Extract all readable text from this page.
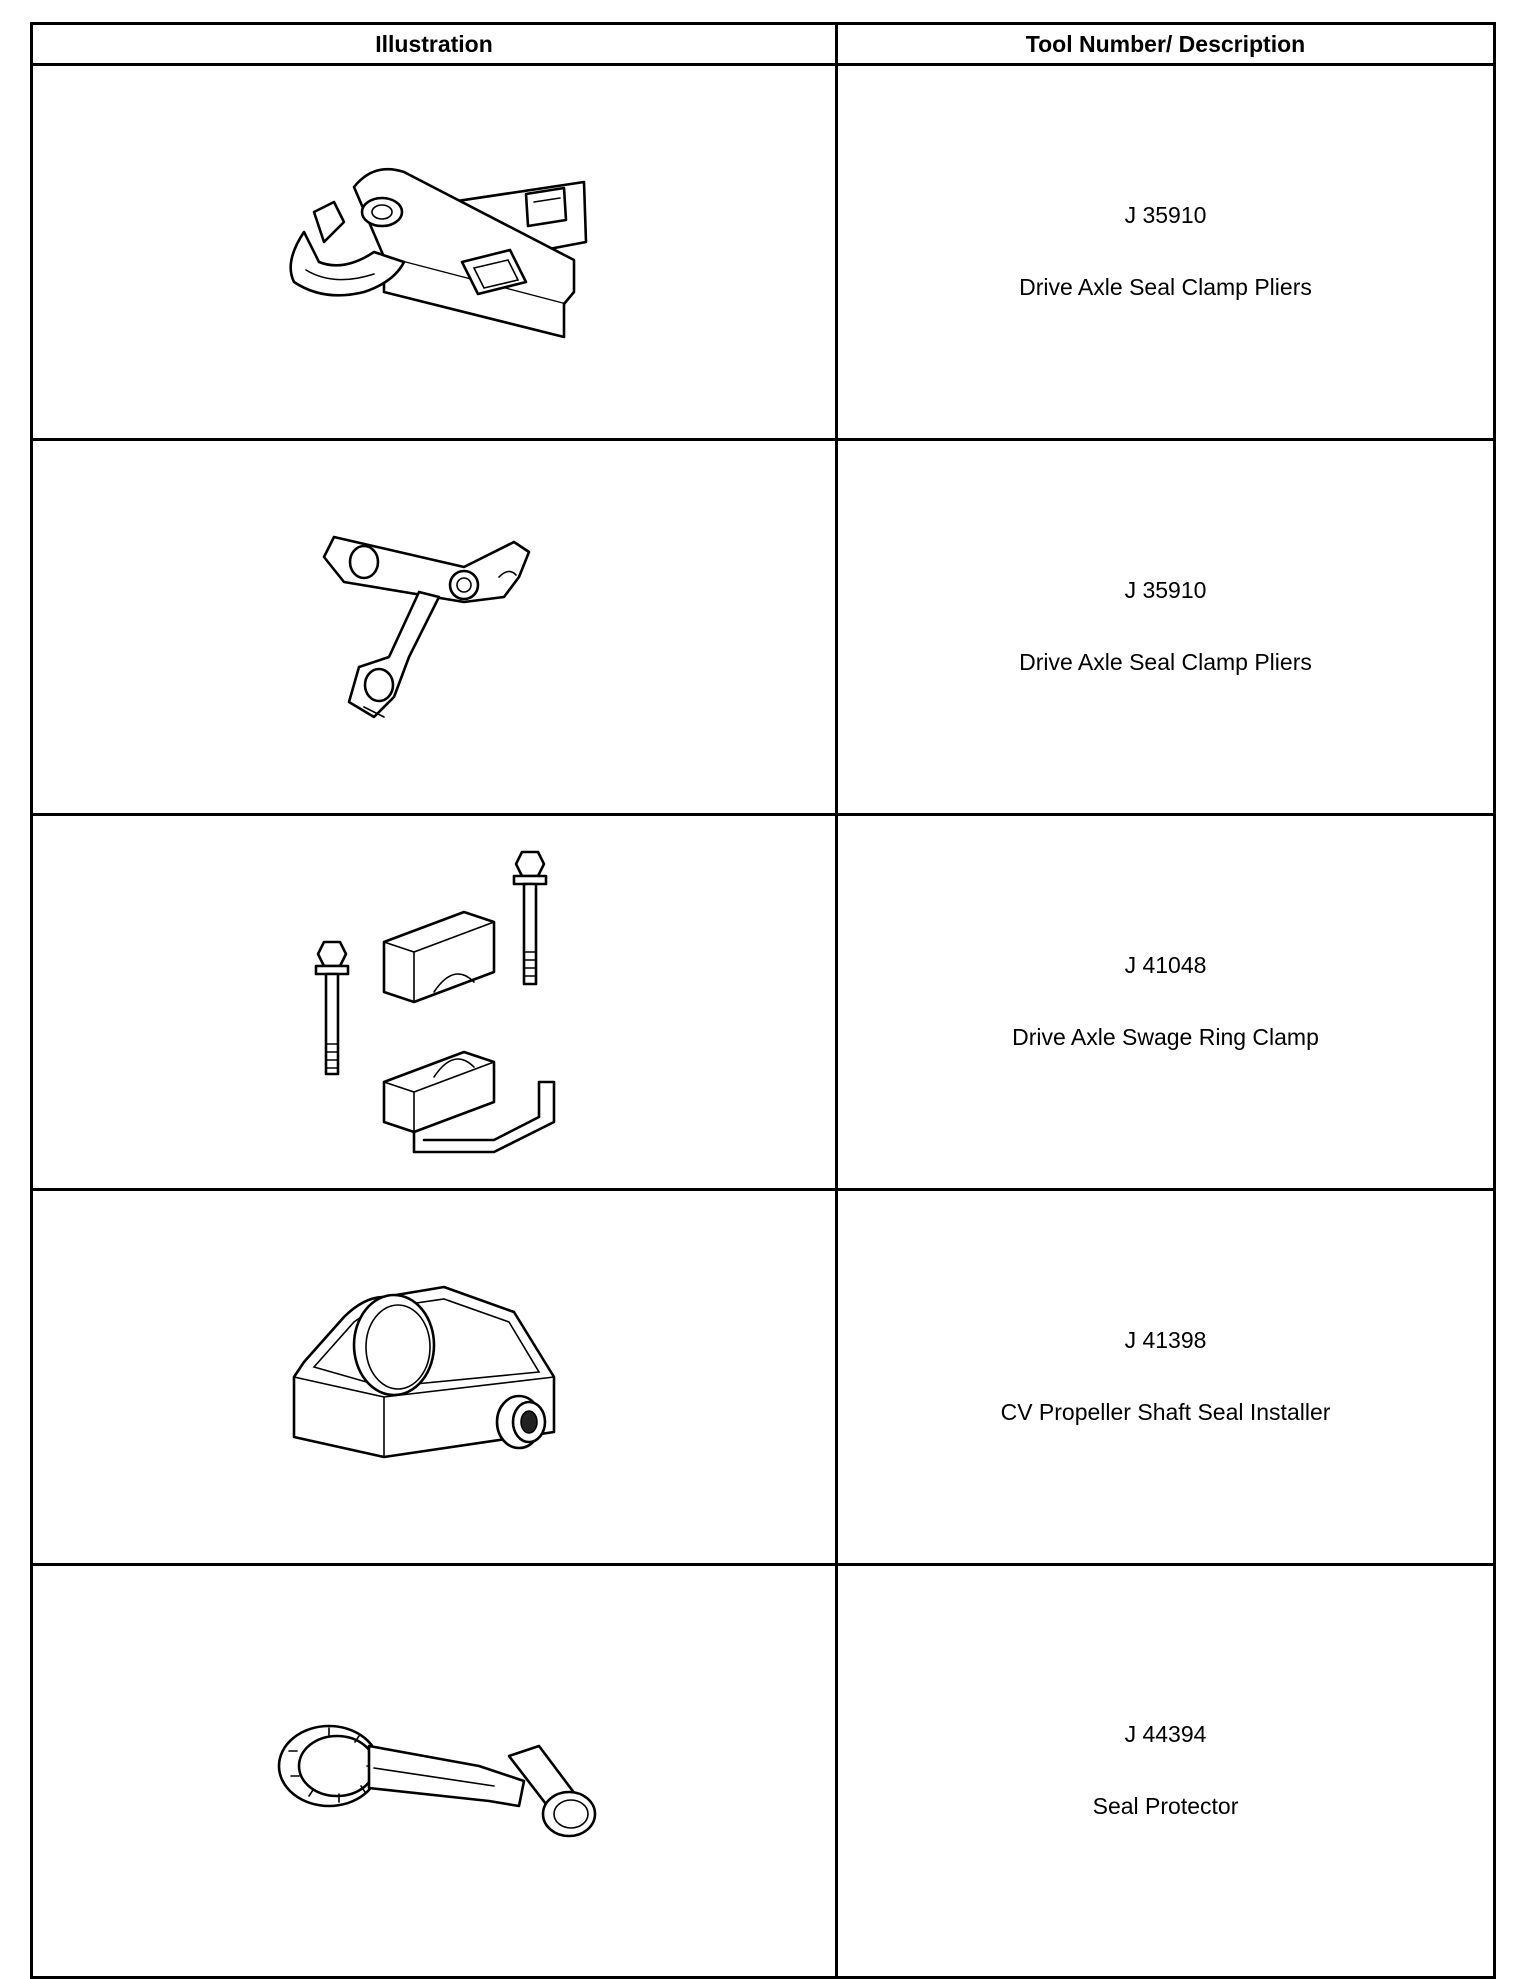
Illustration	Tool Number/ Description

J 35910
Drive Axle Seal Clamp Pliers

J 35910
Drive Axle Seal Clamp Pliers

J 41048
Drive Axle Swage Ring Clamp

J 41398
CV Propeller Shaft Seal Installer

J 44394
Seal Protector
